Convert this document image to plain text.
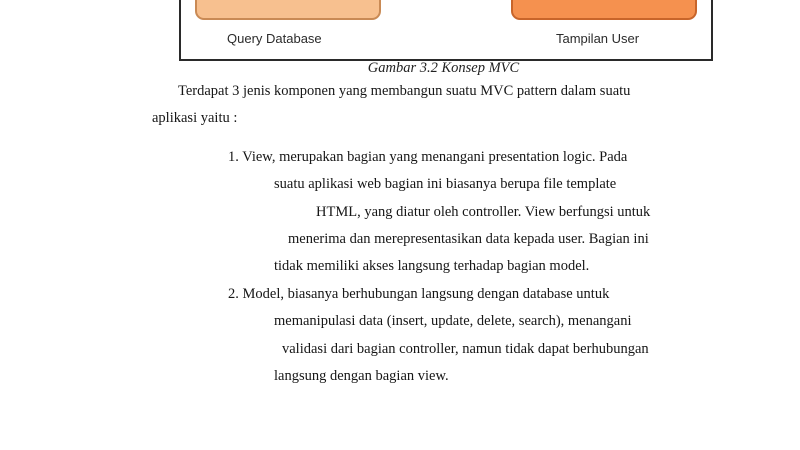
Query Database	Tampilan User
Gambar 3.2 Konsep MVC
Terdapat 3 jenis komponen yang membangun suatu MVC pattern dalam suatu
aplikasi yaitu :
1. View, merupakan bagian yang menangani presentation logic. Pada
suatu aplikasi web bagian ini biasanya berupa file template
HTML, yang diatur oleh controller. View berfungsi untuk
menerima dan merepresentasikan data kepada user. Bagian ini
tidak memiliki akses langsung terhadap bagian model.
2. Model, biasanya berhubungan langsung dengan database untuk
memanipulasi data (insert, update, delete, search), menangani
validasi dari bagian controller, namun tidak dapat berhubungan
langsung dengan bagian view.
